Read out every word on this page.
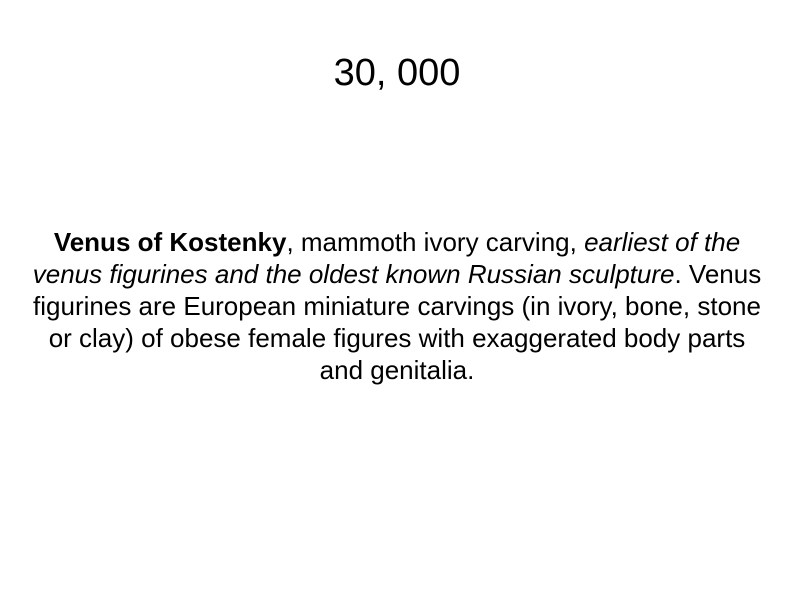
30, 000

Venus of Kostenky, mammoth ivory carving, earliest of the venus figurines and the oldest known Russian sculpture. Venus figurines are European miniature carvings (in ivory, bone, stone or clay) of obese female figures with exaggerated body parts and genitalia.
